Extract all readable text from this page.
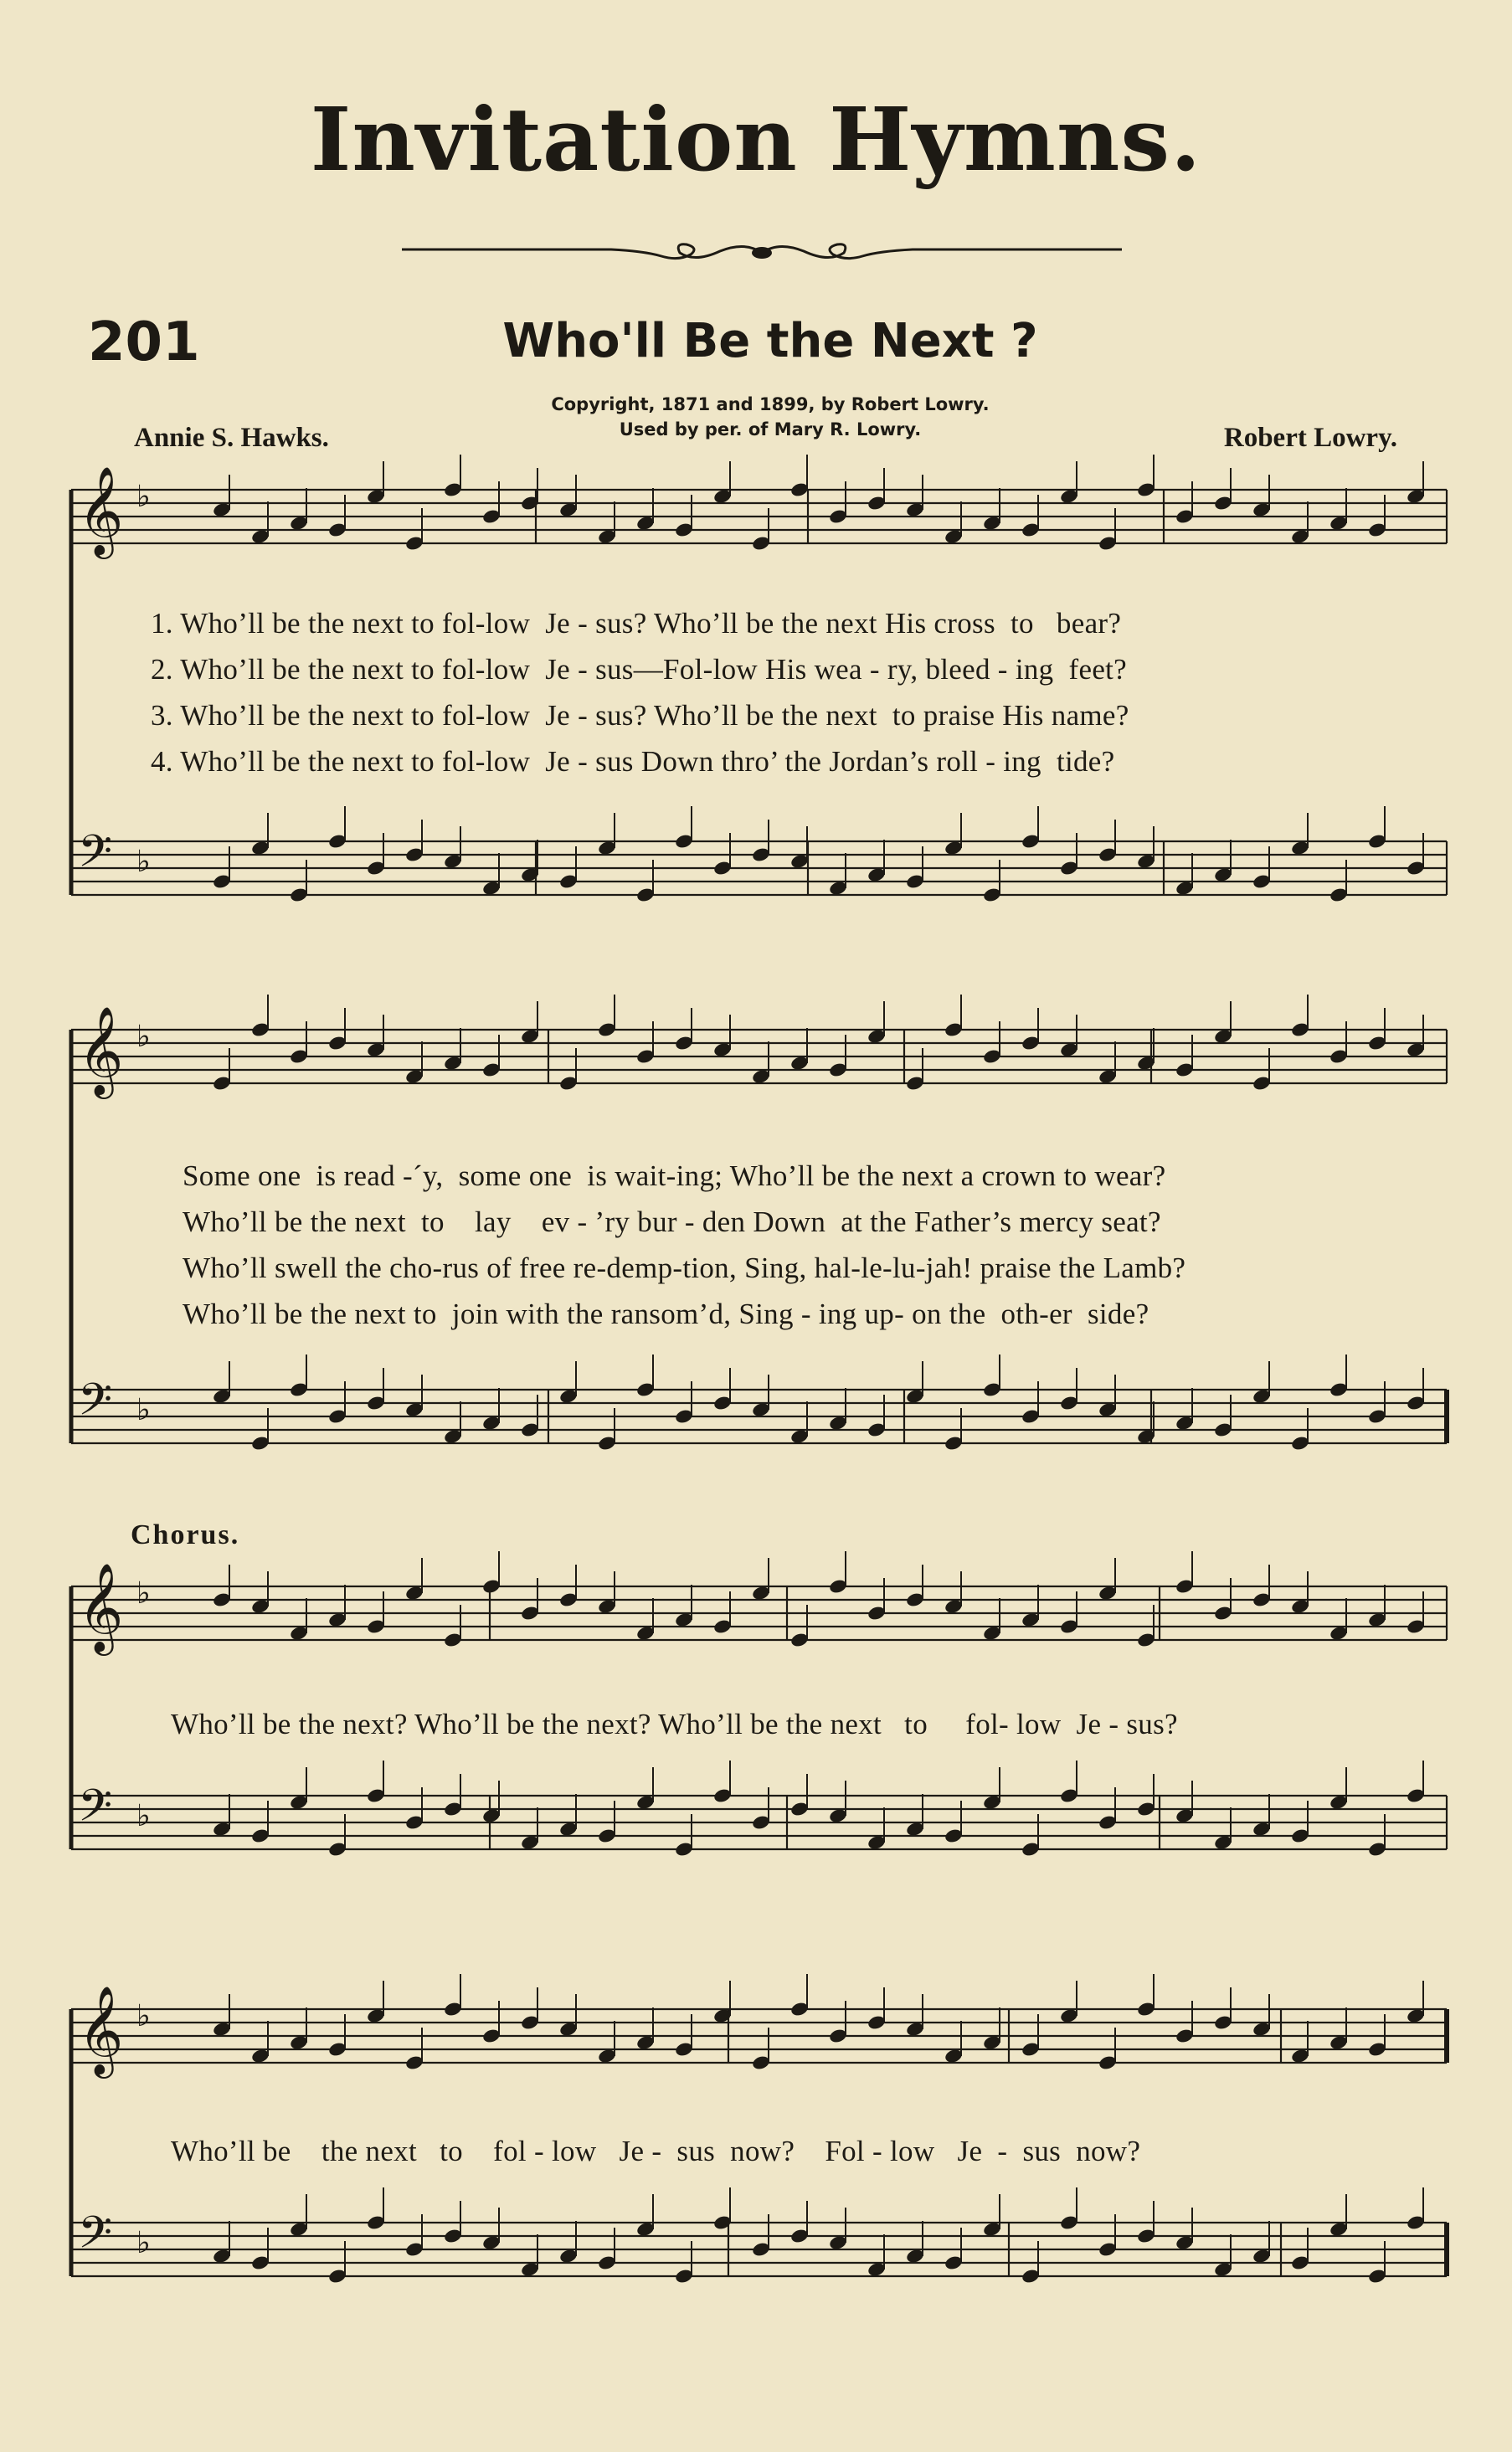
Invitation Hymns.
201	Who'll Be the Next ?
Copyright, 1871 and 1899, by Robert Lowry.
Used by per. of Mary R. Lowry.
Annie S. Hawks.	Robert Lowry.
𝄞 ♭
𝄢 ♭
𝄞 ♭
𝄢 ♭
𝄞 ♭
𝄢 ♭
𝄞 ♭
𝄢 ♭
1. Who’ll be the next to fol-low  Je - sus? Who’ll be the next His cross  to   bear?
2. Who’ll be the next to fol-low  Je - sus—Fol-low His wea - ry, bleed - ing  feet?
3. Who’ll be the next to fol-low  Je - sus? Who’ll be the next  to praise His name?
4. Who’ll be the next to fol-low  Je - sus Down thro’ the Jordan’s roll - ing  tide?
Some one  is read -´y,  some one  is wait-ing; Who’ll be the next a crown to wear?
Who’ll be the next  to    lay    ev - ’ry bur - den Down  at the Father’s mercy seat?
Who’ll swell the cho-rus of free re-demp-tion, Sing, hal-le-lu-jah! praise the Lamb?
Who’ll be the next to  join with the ransom’d, Sing - ing up- on the  oth-er  side?
Chorus.
Who’ll be the next? Who’ll be the next? Who’ll be the next   to     fol- low  Je - sus?
Who’ll be    the next   to    fol - low   Je -  sus  now?    Fol - low   Je  -  sus  now?
